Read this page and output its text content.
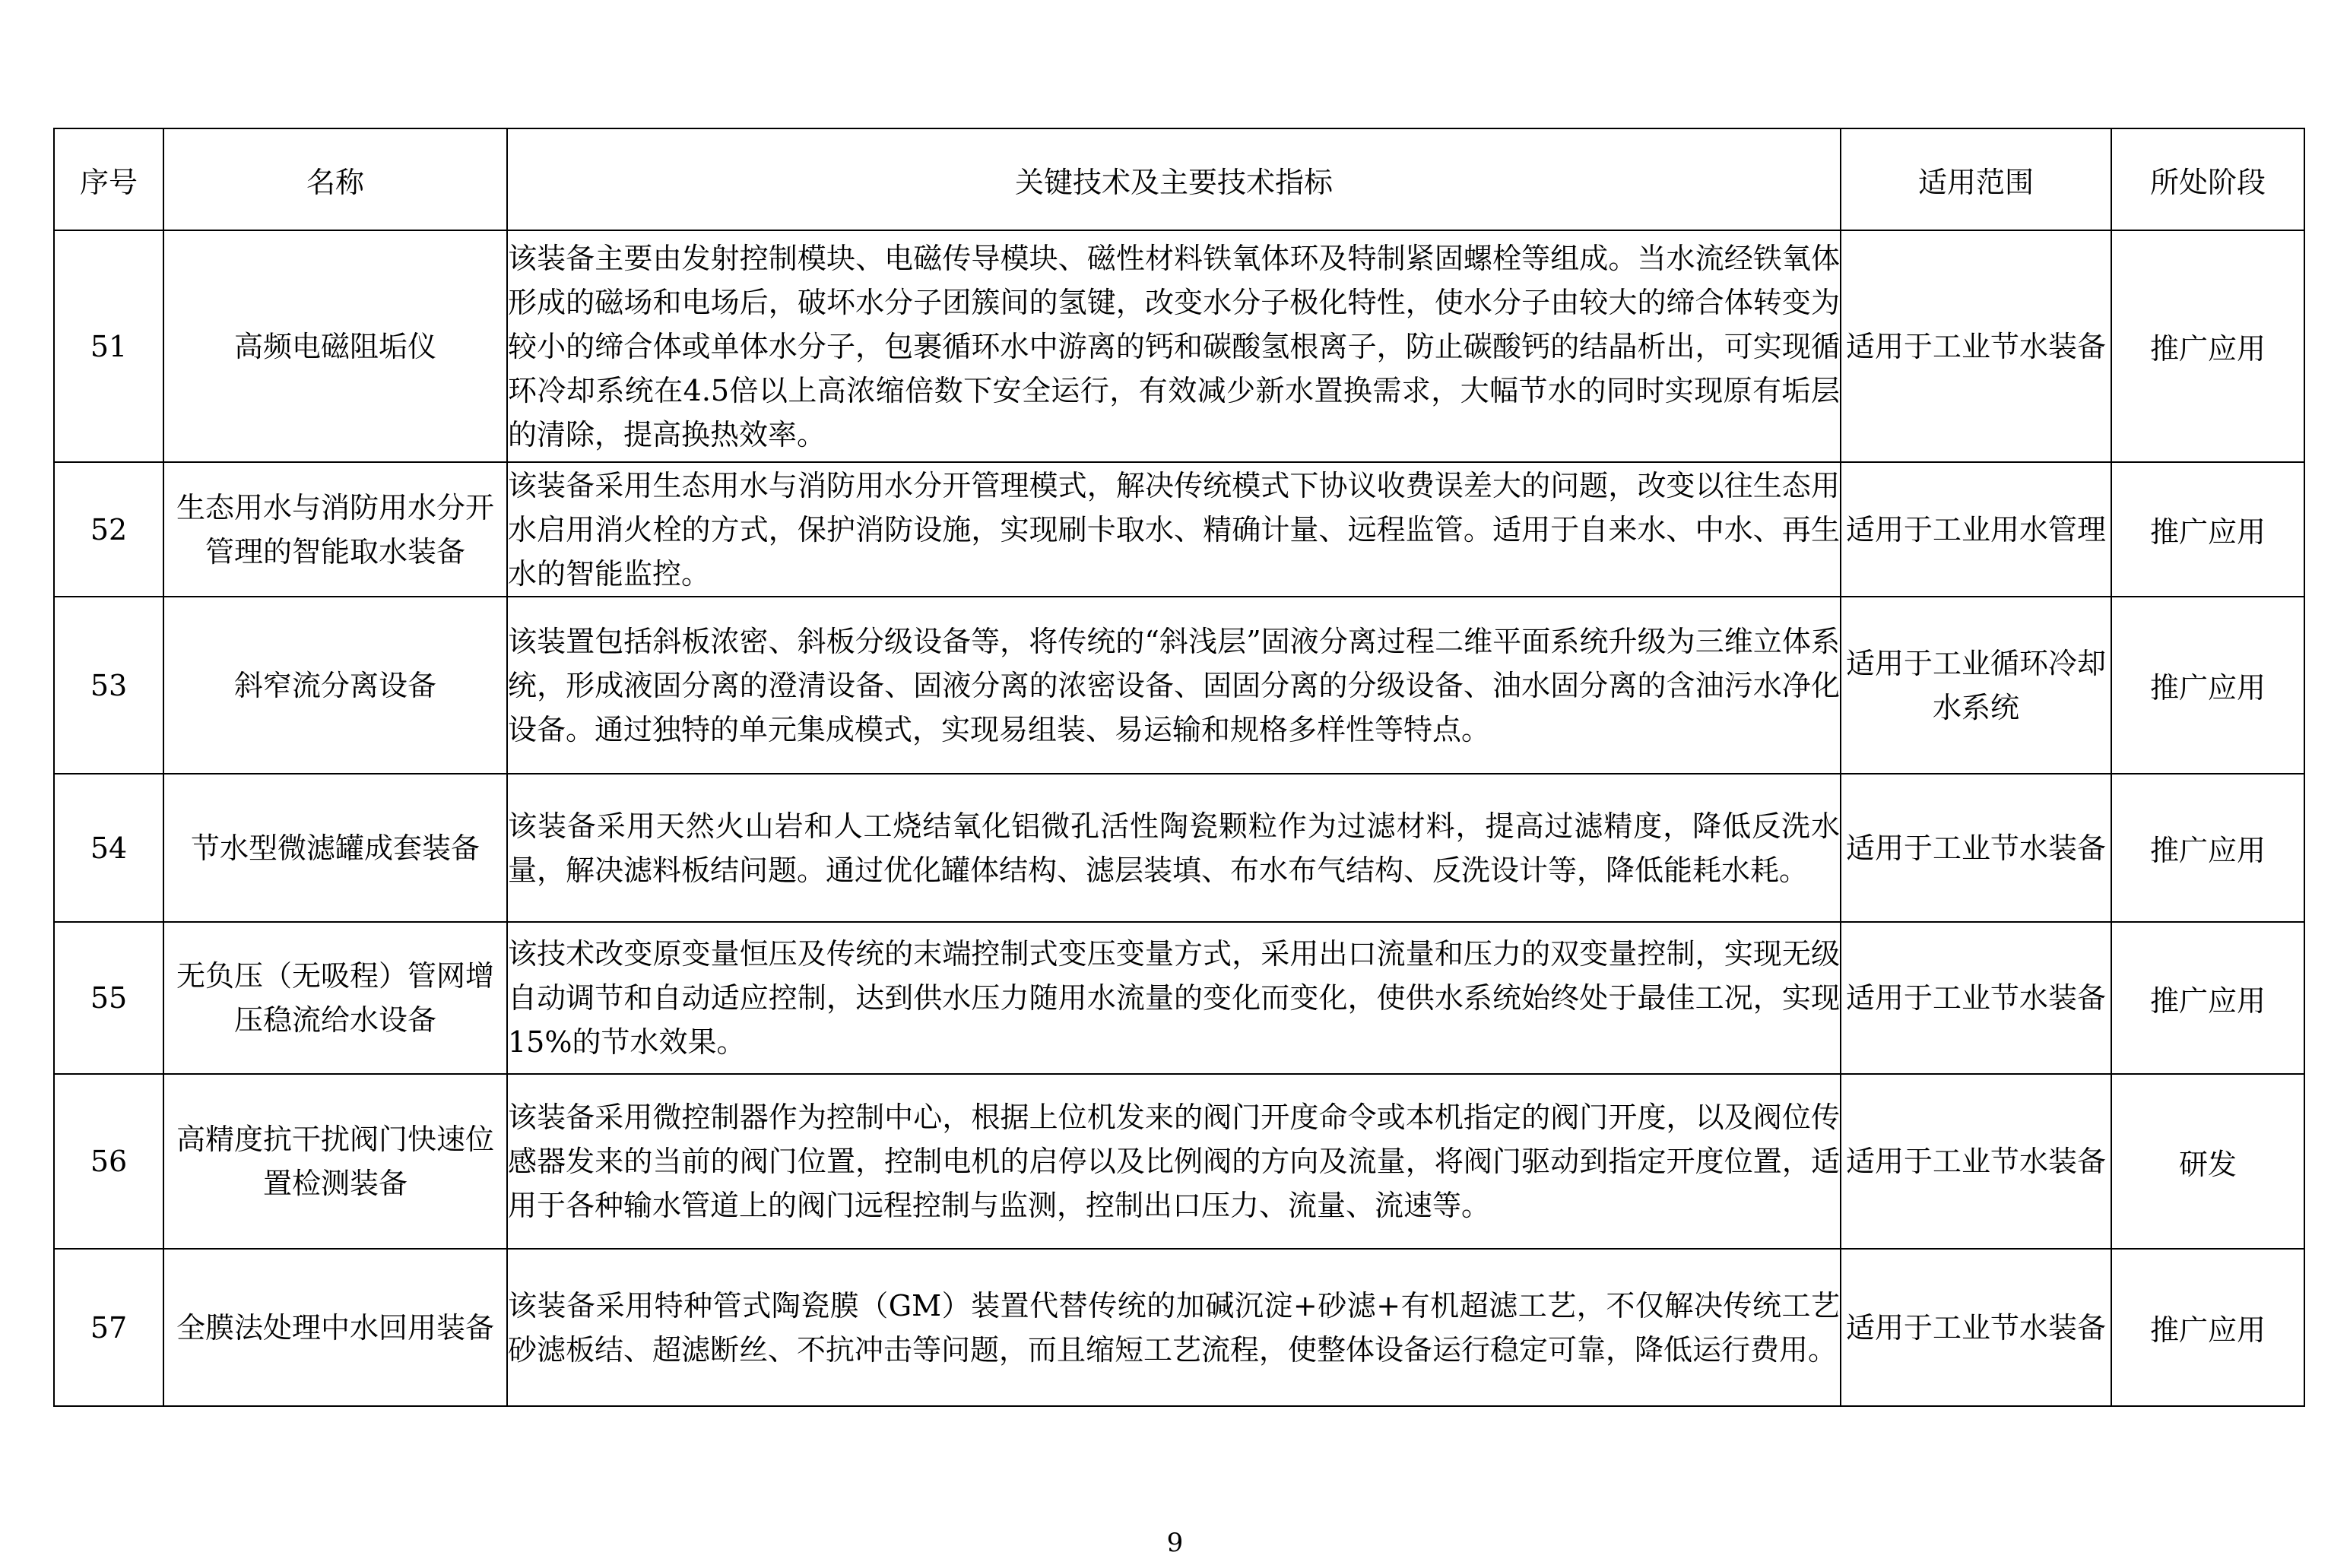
序号	名称	关键技术及主要技术指标	适用范围	所处阶段
51	高频电磁阻垢仪	该装备主要由发射控制模块、电磁传导模块、磁性材料铁氧体环及特制紧固螺栓等组成。当水流经铁氧体形成的磁场和电场后，破坏水分子团簇间的氢键，改变水分子极化特性，使水分子由较大的缔合体转变为较小的缔合体或单体水分子，包裹循环水中游离的钙和碳酸氢根离子，防止碳酸钙的结晶析出，可实现循环冷却系统在4.5倍以上高浓缩倍数下安全运行，有效减少新水置换需求，大幅节水的同时实现原有垢层的清除，提高换热效率。	适用于工业节水装备	推广应用
52	生态用水与消防用水分开管理的智能取水装备	该装备采用生态用水与消防用水分开管理模式，解决传统模式下协议收费误差大的问题，改变以往生态用水启用消火栓的方式，保护消防设施，实现刷卡取水、精确计量、远程监管。适用于自来水、中水、再生水的智能监控。	适用于工业用水管理	推广应用
53	斜窄流分离设备	该装置包括斜板浓密、斜板分级设备等，将传统的“斜浅层”固液分离过程二维平面系统升级为三维立体系统，形成液固分离的澄清设备、固液分离的浓密设备、固固分离的分级设备、油水固分离的含油污水净化设备。通过独特的单元集成模式，实现易组装、易运输和规格多样性等特点。	适用于工业循环冷却水系统	推广应用
54	节水型微滤罐成套装备	该装备采用天然火山岩和人工烧结氧化铝微孔活性陶瓷颗粒作为过滤材料，提高过滤精度，降低反洗水量，解决滤料板结问题。通过优化罐体结构、滤层装填、布水布气结构、反洗设计等，降低能耗水耗。	适用于工业节水装备	推广应用
55	无负压（无吸程）管网增压稳流给水设备	该技术改变原变量恒压及传统的末端控制式变压变量方式，采用出口流量和压力的双变量控制，实现无级自动调节和自动适应控制，达到供水压力随用水流量的变化而变化，使供水系统始终处于最佳工况，实现15%的节水效果。	适用于工业节水装备	推广应用
56	高精度抗干扰阀门快速位置检测装备	该装备采用微控制器作为控制中心，根据上位机发来的阀门开度命令或本机指定的阀门开度，以及阀位传感器发来的当前的阀门位置，控制电机的启停以及比例阀的方向及流量，将阀门驱动到指定开度位置，适用于各种输水管道上的阀门远程控制与监测，控制出口压力、流量、流速等。	适用于工业节水装备	研发
57	全膜法处理中水回用装备	该装备采用特种管式陶瓷膜（GM）装置代替传统的加碱沉淀+砂滤+有机超滤工艺，不仅解决传统工艺砂滤板结、超滤断丝、不抗冲击等问题，而且缩短工艺流程，使整体设备运行稳定可靠，降低运行费用。	适用于工业节水装备	推广应用
9
